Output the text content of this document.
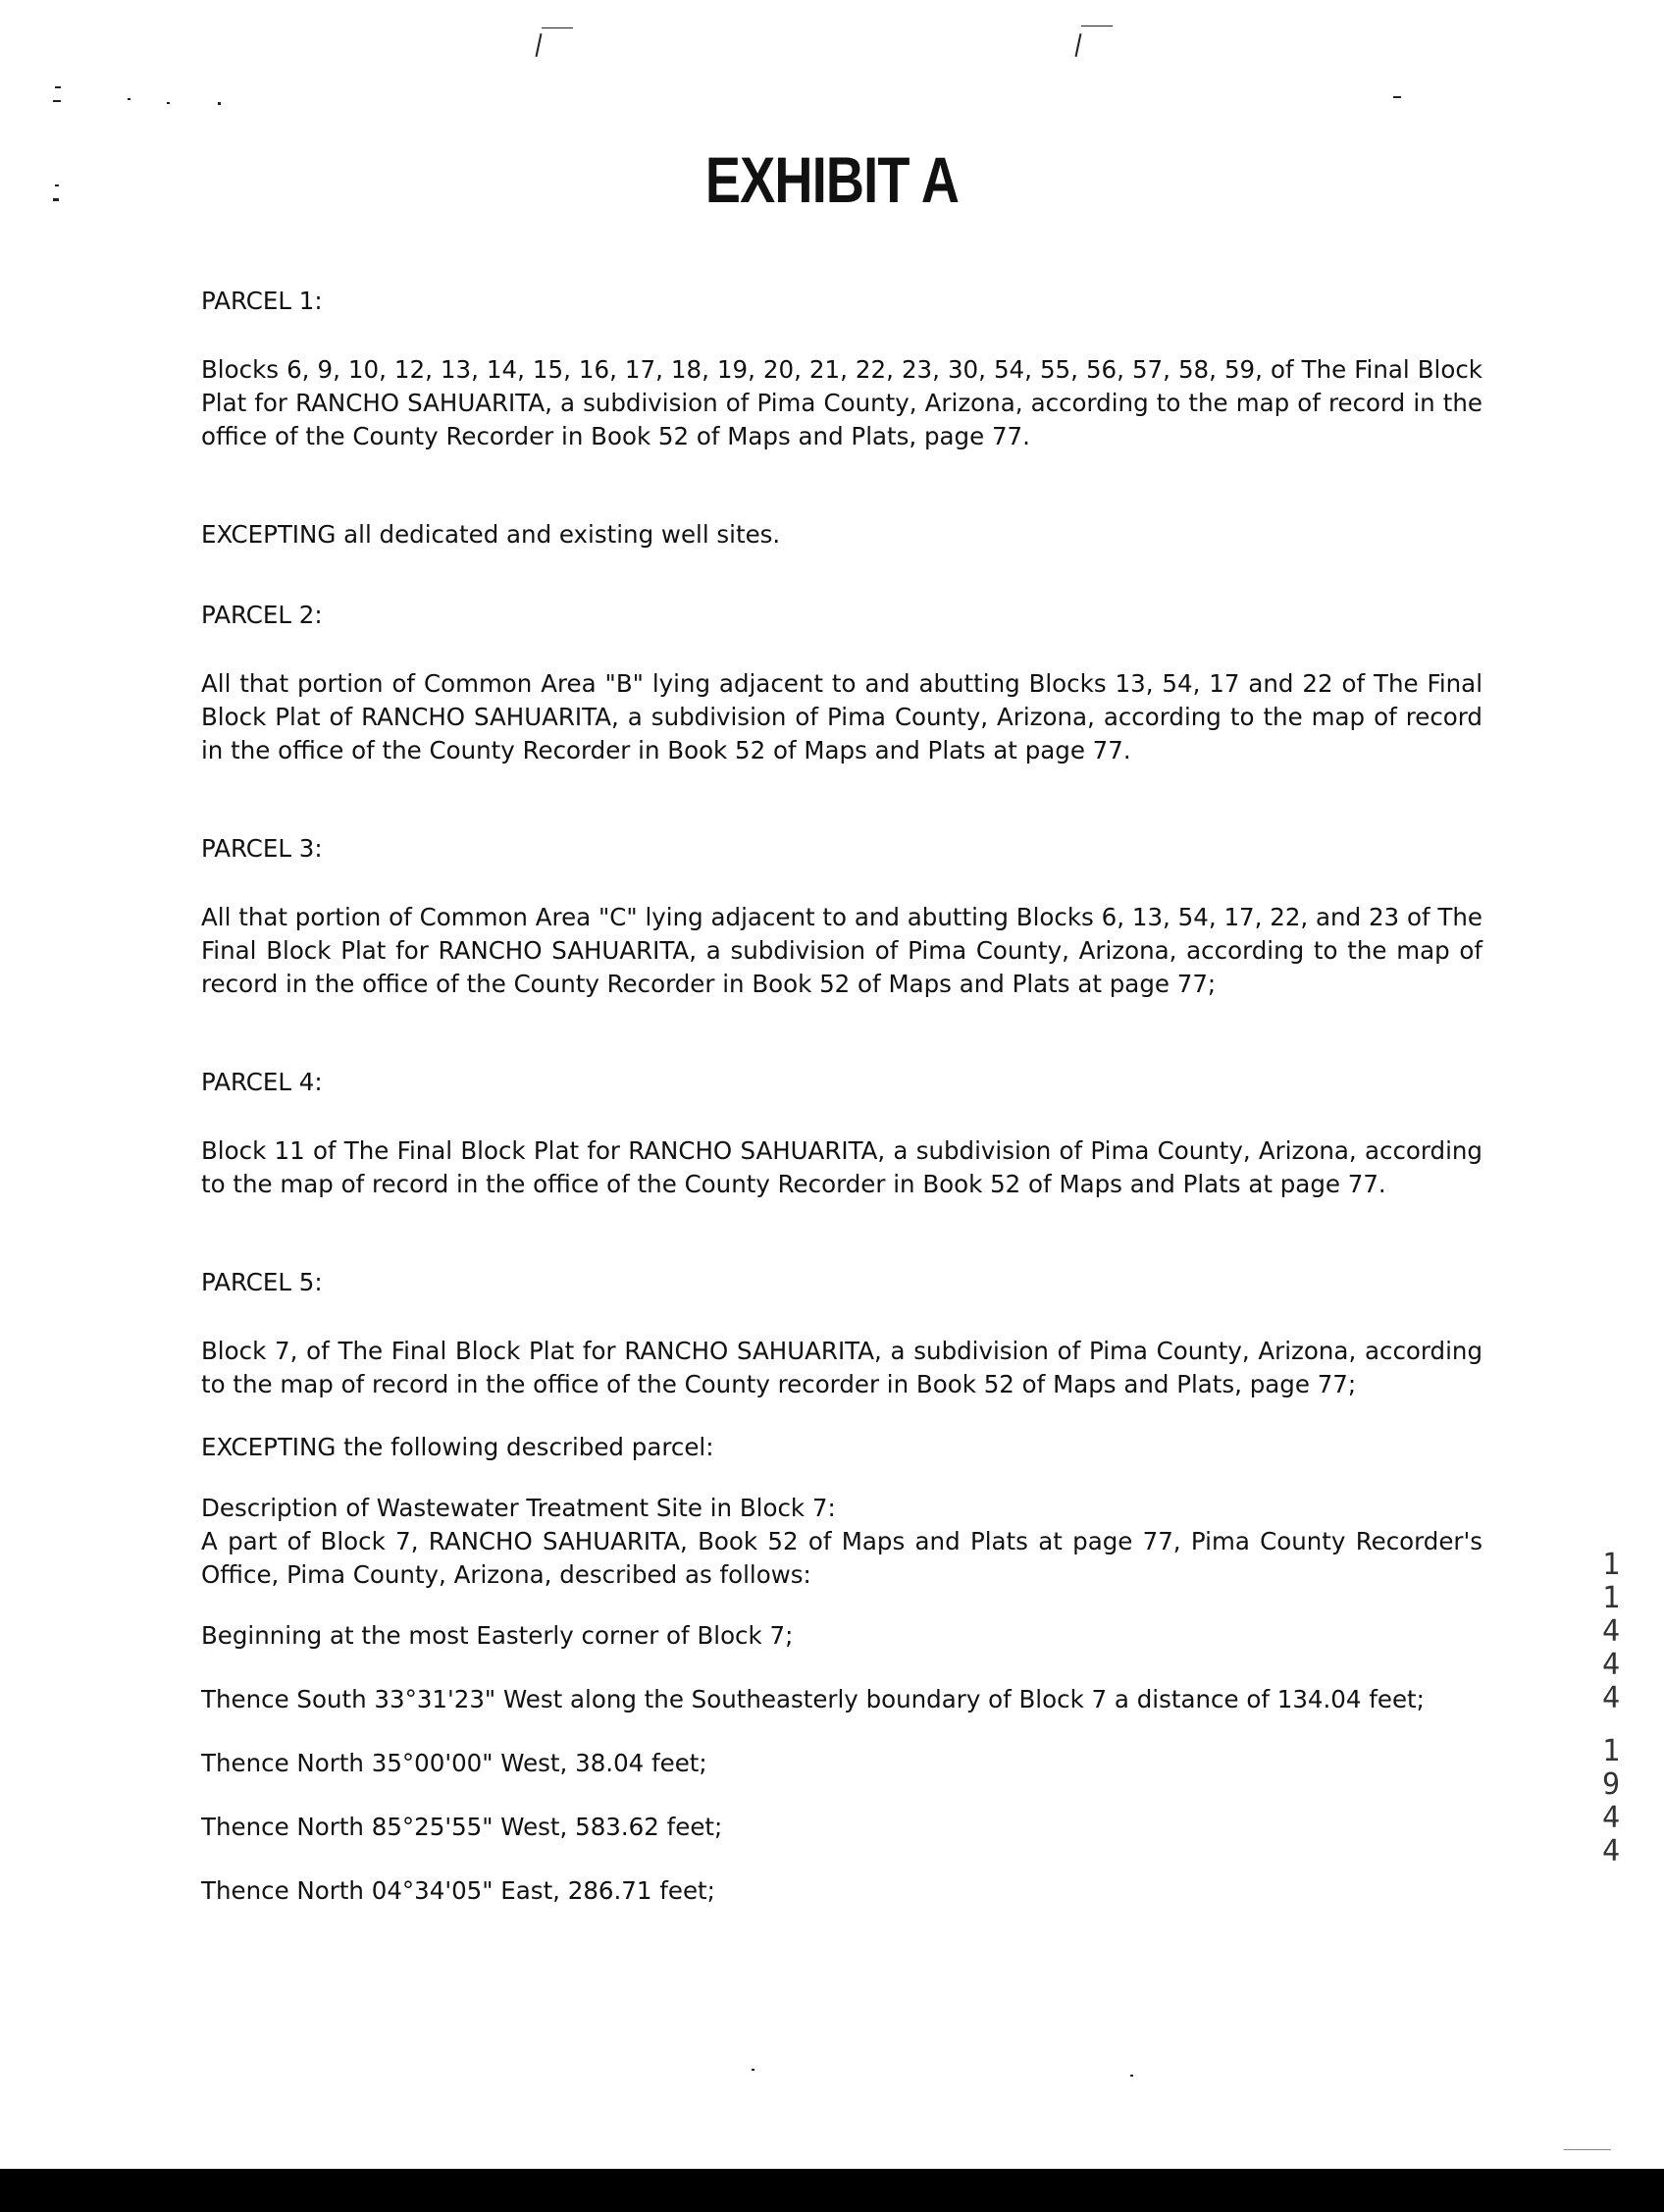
EXHIBIT A
PARCEL 1:
Blocks 6, 9, 10, 12, 13, 14, 15, 16, 17, 18, 19, 20, 21, 22, 23, 30, 54, 55, 56, 57, 58, 59, of The Final Block Plat for RANCHO SAHUARITA, a subdivision of Pima County, Arizona, according to the map of record in the office of the County Recorder in Book 52 of Maps and Plats, page 77.
EXCEPTING all dedicated and existing well sites.
PARCEL 2:
All that portion of Common Area "B" lying adjacent to and abutting Blocks 13, 54, 17 and 22 of The Final Block Plat of RANCHO SAHUARITA, a subdivision of Pima County, Arizona, according to the map of record in the office of the County Recorder in Book 52 of Maps and Plats at page 77.
PARCEL 3:
All that portion of Common Area "C" lying adjacent to and abutting Blocks 6, 13, 54, 17, 22, and 23 of The Final Block Plat for RANCHO SAHUARITA, a subdivision of Pima County, Arizona, according to the map of record in the office of the County Recorder in Book 52 of Maps and Plats at page 77;
PARCEL 4:
Block 11 of The Final Block Plat for RANCHO SAHUARITA, a subdivision of Pima County, Arizona, according to the map of record in the office of the County Recorder in Book 52 of Maps and Plats at page 77.
PARCEL 5:
Block 7, of The Final Block Plat for RANCHO SAHUARITA, a subdivision of Pima County, Arizona, according to the map of record in the office of the County recorder in Book 52 of Maps and Plats, page 77;
EXCEPTING the following described parcel:
Description of Wastewater Treatment Site in Block 7:
A part of Block 7, RANCHO SAHUARITA, Book 52 of Maps and Plats at page 77, Pima County Recorder's Office, Pima County, Arizona, described as follows:
Beginning at the most Easterly corner of Block 7;
Thence South 33°31'23" West along the Southeasterly boundary of Block 7 a distance of 134.04 feet;
Thence North 35°00'00" West, 38.04 feet;
Thence North 85°25'55" West, 583.62 feet;
Thence North 04°34'05" East, 286.71 feet;
1
1
4
4
4
1
9
4
4
